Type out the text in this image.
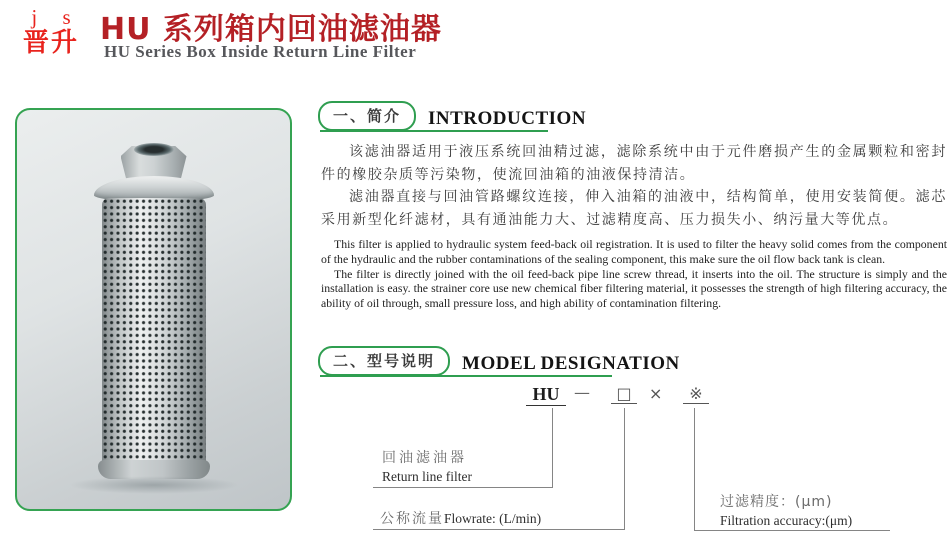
j s
晋升 HU 系列箱内回油滤油器
HU Series Box Inside Return Line Filter
一、简介	INTRODUCTION

该滤油器适用于液压系统回油精过滤，滤除系统中由于元件磨损产生的金属颗粒和密封件的橡胶杂质等污染物，使流回油箱的油液保持清洁。

滤油器直接与回油管路螺纹连接，伸入油箱的油液中，结构简单，使用安装简便。滤芯采用新型化纤滤材，具有通油能力大、过滤精度高、压力损失小、纳污量大等优点。

This filter is applied to hydraulic system feed-back oil registration. It is used to filter the heavy solid comes from the component of the hydraulic and the rubber contaminations of the sealing component, this make sure the oil flow back tank is clean.

The filter is directly joined with the oil feed-back pipe line screw thread, it inserts into the oil. The structure is simply and the installation is easy. the strainer core use new chemical fiber filtering material, it possesses the strength of high filtering accuracy, the ability of oil through, small pressure loss, and high ability of contamination filtering.

二、型号说明	MODEL DESIGNATION
HU —	□	×	※
回油滤油器
Return line filter
公称流量Flowrate: (L/min)
过滤精度：(μm)
Filtration accuracy:(μm)
